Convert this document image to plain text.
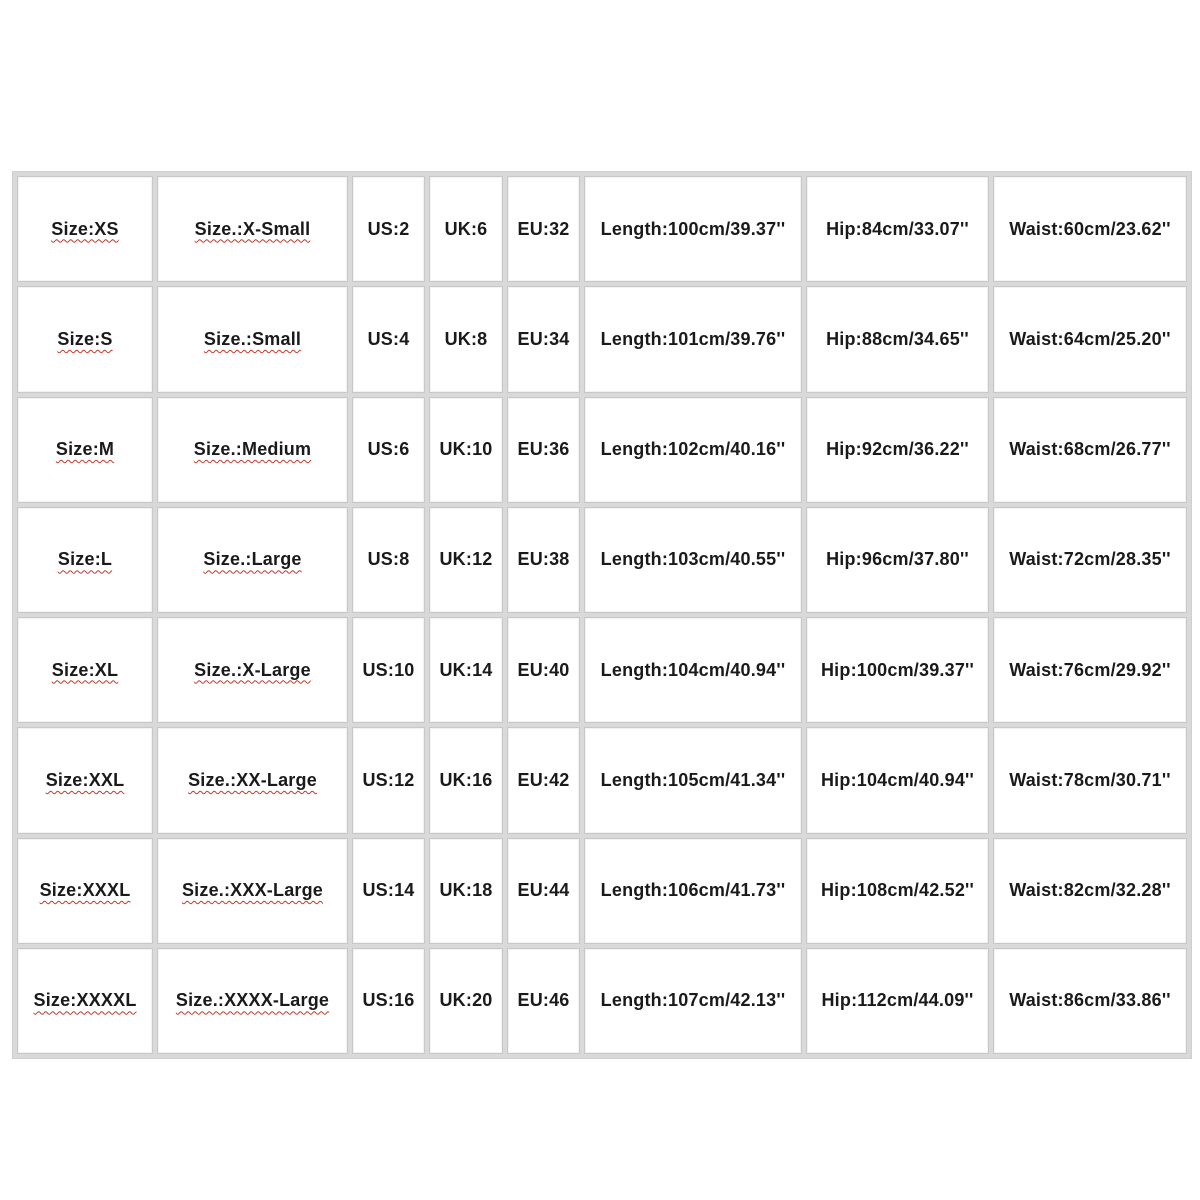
Size:XS	Size.:X-Small	US:2	UK:6	EU:32	Length:100cm/39.37''	Hip:84cm/33.07''	Waist:60cm/23.62''
Size:S	Size.:Small	US:4	UK:8	EU:34	Length:101cm/39.76''	Hip:88cm/34.65''	Waist:64cm/25.20''
Size:M	Size.:Medium	US:6	UK:10	EU:36	Length:102cm/40.16''	Hip:92cm/36.22''	Waist:68cm/26.77''
Size:L	Size.:Large	US:8	UK:12	EU:38	Length:103cm/40.55''	Hip:96cm/37.80''	Waist:72cm/28.35''
Size:XL	Size.:X-Large	US:10	UK:14	EU:40	Length:104cm/40.94''	Hip:100cm/39.37''	Waist:76cm/29.92''
Size:XXL	Size.:XX-Large	US:12	UK:16	EU:42	Length:105cm/41.34''	Hip:104cm/40.94''	Waist:78cm/30.71''
Size:XXXL	Size.:XXX-Large	US:14	UK:18	EU:44	Length:106cm/41.73''	Hip:108cm/42.52''	Waist:82cm/32.28''
Size:XXXXL	Size.:XXXX-Large	US:16	UK:20	EU:46	Length:107cm/42.13''	Hip:112cm/44.09''	Waist:86cm/33.86''
